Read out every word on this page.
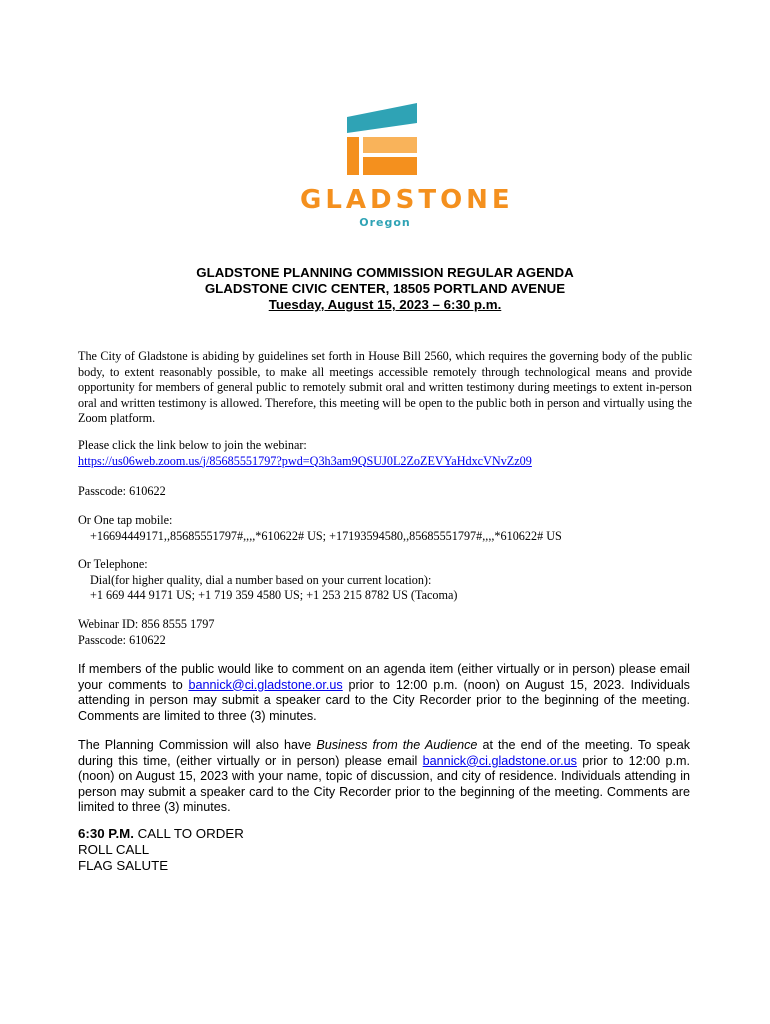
GLADSTONE
Oregon
GLADSTONE PLANNING COMMISSION REGULAR AGENDA
GLADSTONE CIVIC CENTER, 18505 PORTLAND AVENUE
Tuesday, August 15, 2023 – 6:30 p.m.
The City of Gladstone is abiding by guidelines set forth in House Bill 2560, which requires the governing body of the public body, to extent reasonably possible, to make all meetings accessible remotely through technological means and provide opportunity for members of general public to remotely submit oral and written testimony during meetings to extent in-person oral and written testimony is allowed. Therefore, this meeting will be open to the public both in person and virtually using the Zoom platform.
Please click the link below to join the webinar:
https://us06web.zoom.us/j/85685551797?pwd=Q3h3am9QSUJ0L2ZoZEVYaHdxcVNvZz09
Passcode: 610622
Or One tap mobile:
+16694449171,,85685551797#,,,,*610622# US; +17193594580,,85685551797#,,,,*610622# US
Or Telephone:
Dial(for higher quality, dial a number based on your current location):
+1 669 444 9171 US; +1 719 359 4580 US; +1 253 215 8782 US (Tacoma)
Webinar ID: 856 8555 1797
Passcode: 610622
If members of the public would like to comment on an agenda item (either virtually or in person) please email your comments to bannick@ci.gladstone.or.us prior to 12:00 p.m. (noon) on August 15, 2023. Individuals attending in person may submit a speaker card to the City Recorder prior to the beginning of the meeting. Comments are limited to three (3) minutes.
The Planning Commission will also have Business from the Audience at the end of the meeting. To speak during this time, (either virtually or in person) please email bannick@ci.gladstone.or.us prior to 12:00 p.m. (noon) on August 15, 2023 with your name, topic of discussion, and city of residence. Individuals attending in person may submit a speaker card to the City Recorder prior to the beginning of the meeting. Comments are limited to three (3) minutes.
6:30 P.M. CALL TO ORDER
ROLL CALL
FLAG SALUTE
